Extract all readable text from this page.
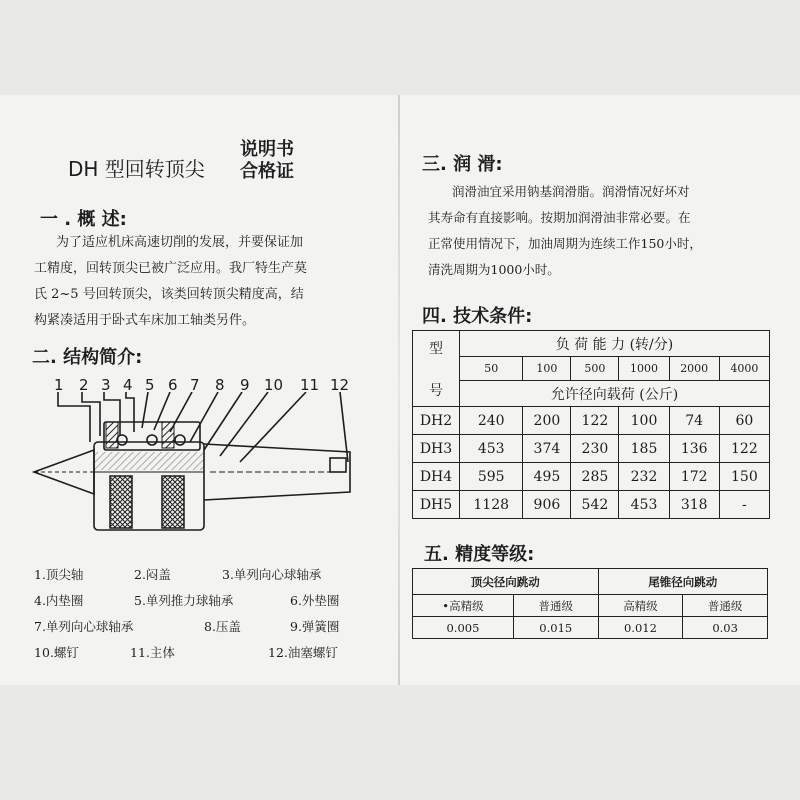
DH 型回转顶尖
说明书
合格证
一 . 概 述:
为了适应机床高速切削的发展，并要保证加
工精度，回转顶尖已被广泛应用。我厂特生产莫
氏 2~5 号回转顶尖，该类回转顶尖精度高，结
构紧凑适用于卧式车床加工轴类另件。
二. 结构简介:
1 2 3 4 5 6 7 8 9 10 11 12
1.顶尖轴	2.闷盖	3.单列向心球轴承
4.内垫圈	5.单列推力球轴承	6.外垫圈
7.单列向心球轴承	8.压盖	9.弹簧圈
10.螺钉	11.主体	12.油塞螺钉
三. 润 滑:
润滑油宜采用钠基润滑脂。润滑情况好坏对
其寿命有直接影响。按期加润滑油非常必要。在
正常使用情况下，加油周期为连续工作150小时，
清洗周期为1000小时。
四. 技术条件:
型
号	负 荷 能 力 (转/分)					
	50	100	500	1000	2000	4000
	允许径向载荷 (公斤)					
DH2	240	200	122	100	74	60
DH3	453	374	230	185	136	122
DH4	595	495	285	232	172	150
DH5	1128	906	542	453	318	-
五. 精度等级:
顶尖径向跳动		尾锥径向跳动	
•高精级	普通级	高精级	普通级
0.005	0.015	0.012	0.03
